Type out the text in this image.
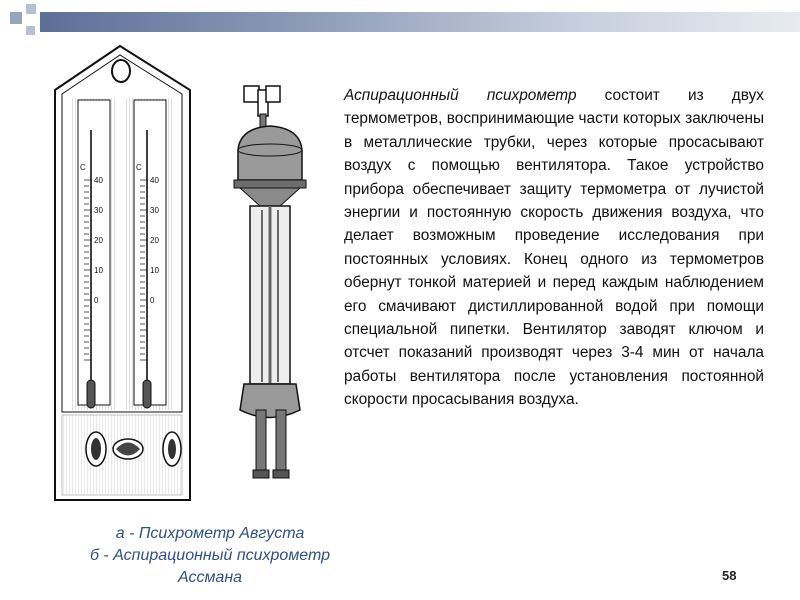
C	C
40
30
20
10
0
40
30
20
10
0
Аспирационный психрометр состоит из двух термометров, воспринимающие части которых заключены в металлические трубки, через которые просасывают воздух с помощью вентилятора. Такое устройство прибора обеспечивает защиту термометра от лучистой энергии и постоянную скорость движения воздуха, что делает возможным проведение исследования при постоянных условиях. Конец одного из термометров обернут тонкой материей и перед каждым наблюдением его смачивают дистиллированной водой при помощи специальной пипетки. Вентилятор заводят ключом и отсчет показаний производят через 3-4 мин от начала работы вентилятора после установления постоянной скорости просасывания воздуха.
а - Психрометр Августа
б - Аспирационный психрометр
Ассмана	58
